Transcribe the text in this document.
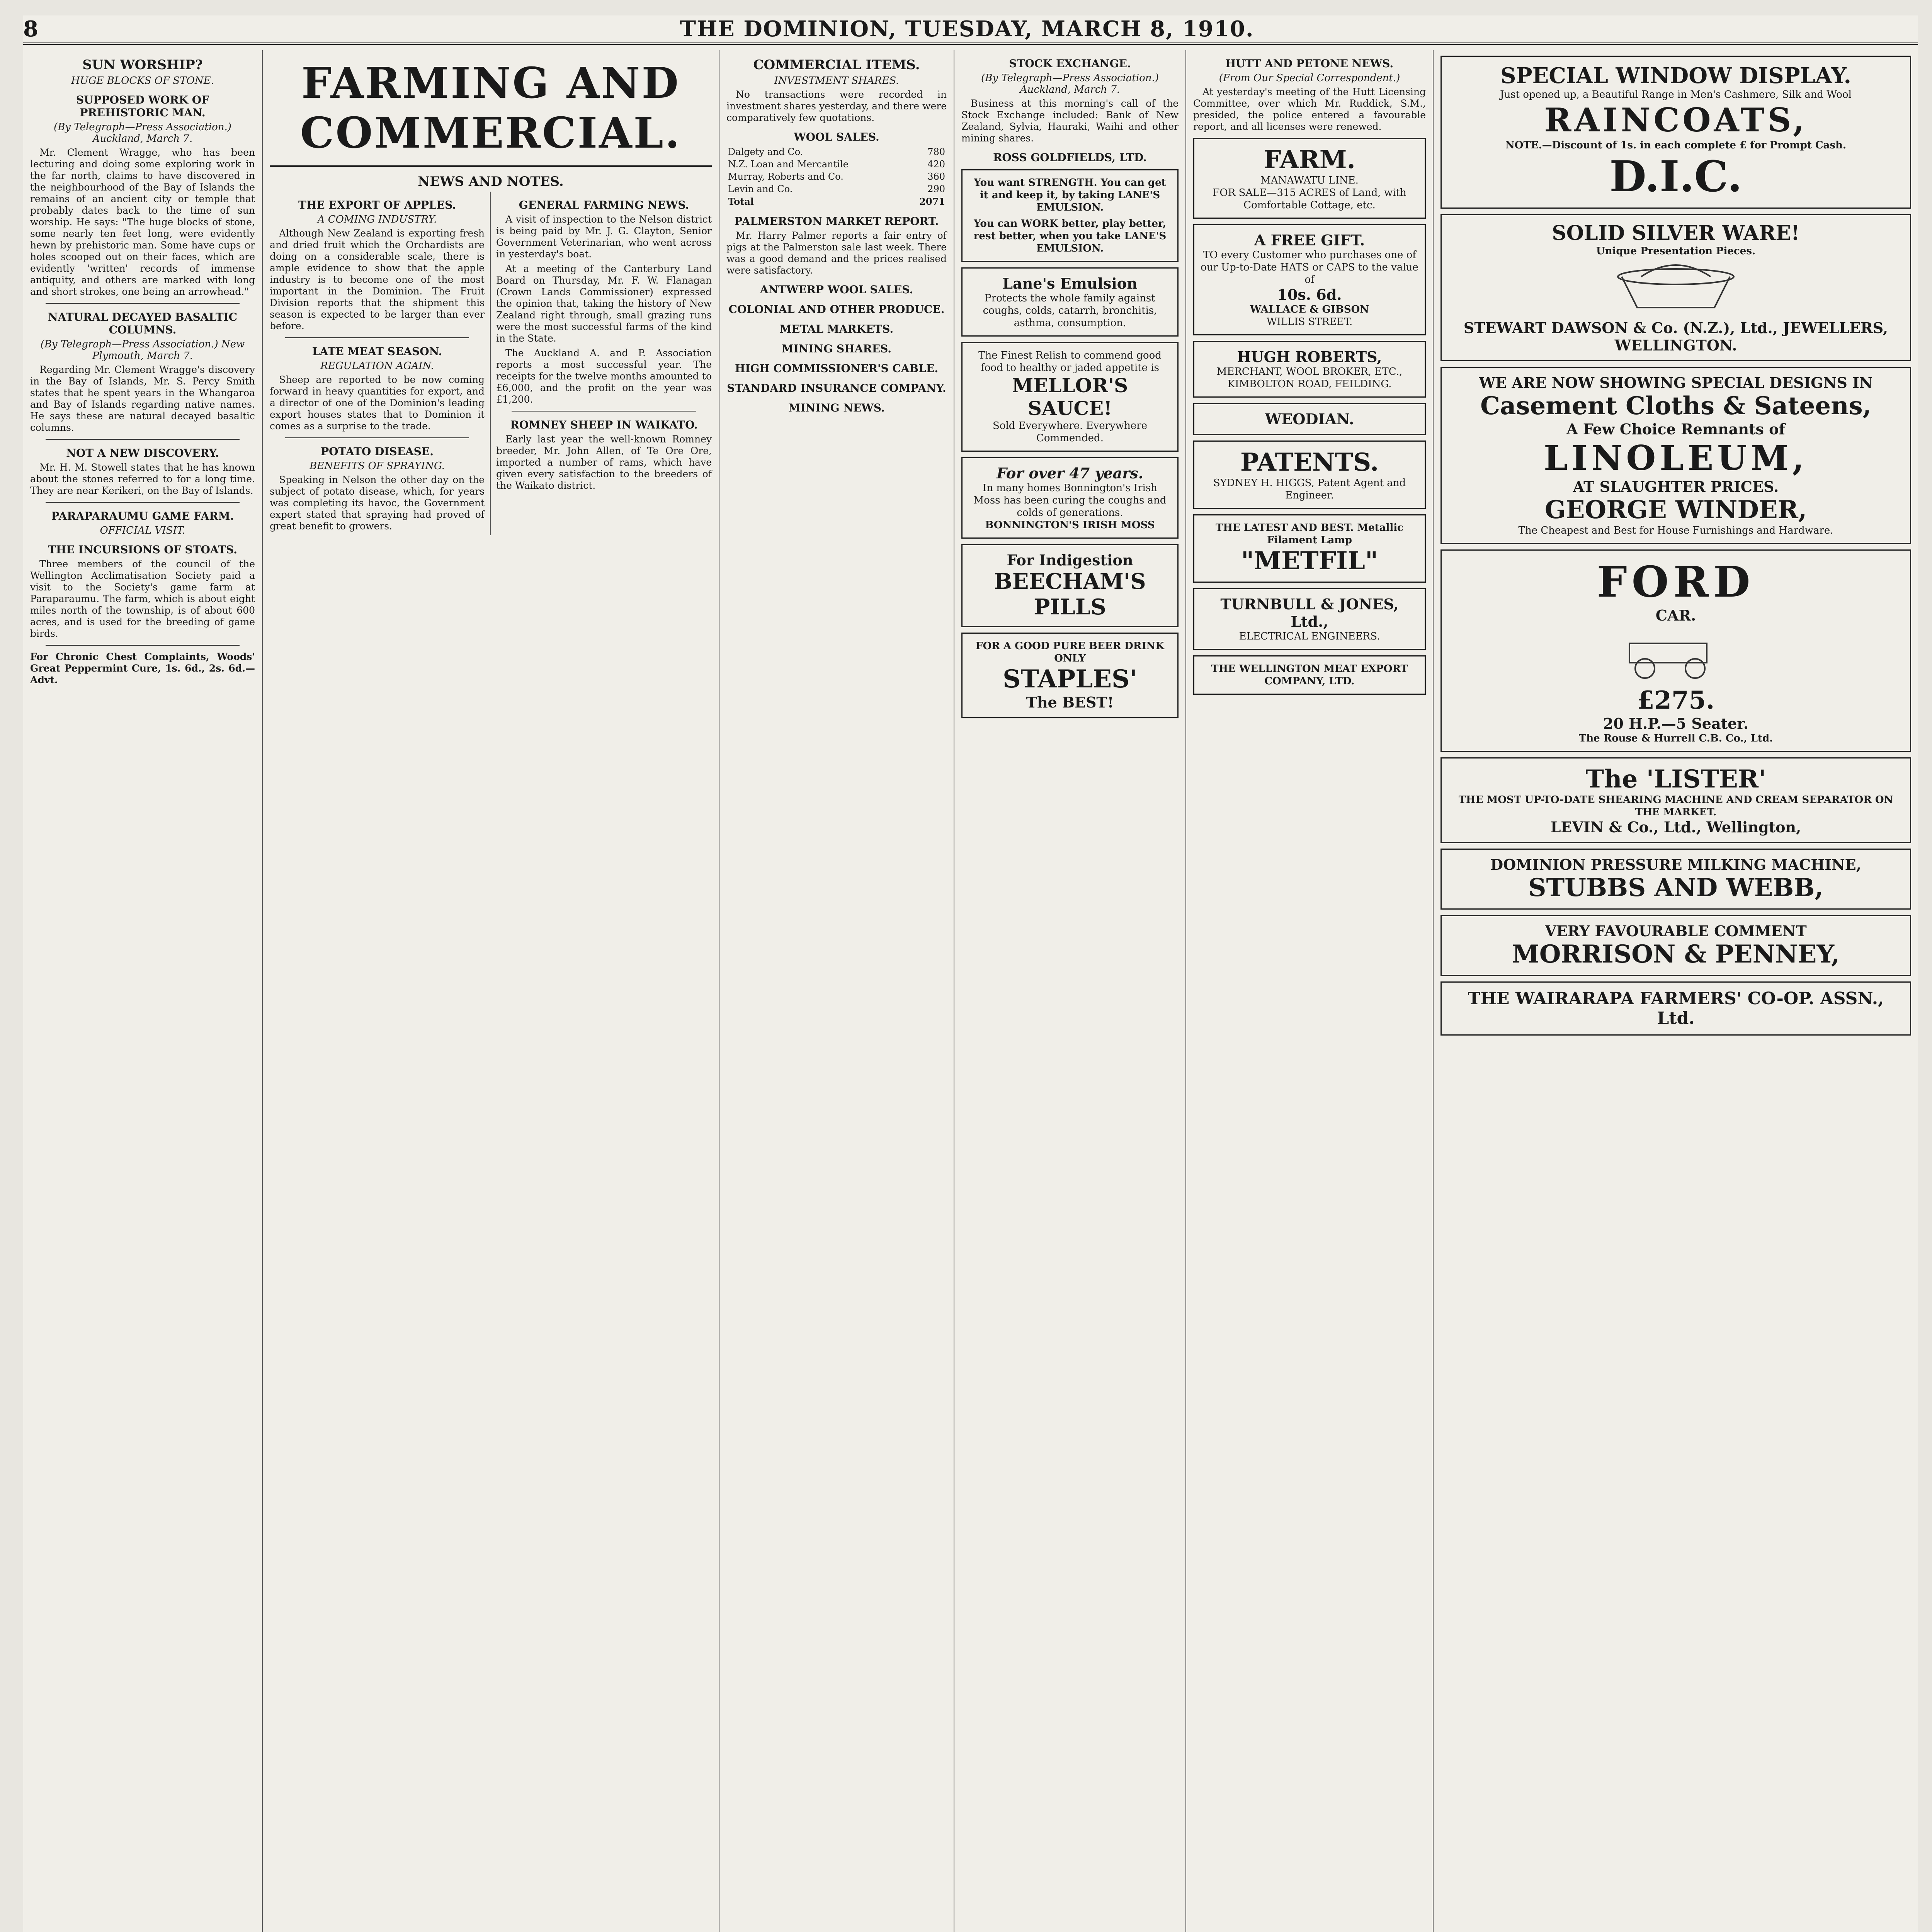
8	THE DOMINION, TUESDAY, MARCH 8, 1910.
SUN WORSHIP?
HUGE BLOCKS OF STONE.
SUPPOSED WORK OF PREHISTORIC MAN.
(By Telegraph—Press Association.) Auckland, March 7.

Mr. Clement Wragge, who has been lecturing and doing some exploring work in the far north, claims to have discovered in the neighbourhood of the Bay of Islands the remains of an ancient city or temple that probably dates back to the time of sun worship. He says: "The huge blocks of stone, some nearly ten feet long, were evidently hewn by prehistoric man. Some have cups or holes scooped out on their faces, which are evidently 'written' records of immense antiquity, and others are marked with long and short strokes, one being an arrowhead."

NATURAL DECAYED BASALTIC COLUMNS.
(By Telegraph—Press Association.) New Plymouth, March 7.

Regarding Mr. Clement Wragge's discovery in the Bay of Islands, Mr. S. Percy Smith states that he spent years in the Whangaroa and Bay of Islands regarding native names. He says these are natural decayed basaltic columns.

NOT A NEW DISCOVERY.

Mr. H. M. Stowell states that he has known about the stones referred to for a long time. They are near Kerikeri, on the Bay of Islands.

PARAPARAUMU GAME FARM.
OFFICIAL VISIT.
THE INCURSIONS OF STOATS.

Three members of the council of the Wellington Acclimatisation Society paid a visit to the Society's game farm at Paraparaumu. The farm, which is about eight miles north of the township, is of about 600 acres, and is used for the breeding of game birds.

For Chronic Chest Complaints, Woods' Great Peppermint Cure, 1s. 6d., 2s. 6d.—Advt.
FARMING AND COMMERCIAL.
NEWS AND NOTES.
THE EXPORT OF APPLES.
A COMING INDUSTRY.

Although New Zealand is exporting fresh and dried fruit which the Orchardists are doing on a considerable scale, there is ample evidence to show that the apple industry is to become one of the most important in the Dominion. The Fruit Division reports that the shipment this season is expected to be larger than ever before.

LATE MEAT SEASON.
REGULATION AGAIN.

Sheep are reported to be now coming forward in heavy quantities for export, and a director of one of the Dominion's leading export houses states that to Dominion it comes as a surprise to the trade.

POTATO DISEASE.
BENEFITS OF SPRAYING.

Speaking in Nelson the other day on the subject of potato disease, which, for years was completing its havoc, the Government expert stated that spraying had proved of great benefit to growers.

GENERAL FARMING NEWS.

A visit of inspection to the Nelson district is being paid by Mr. J. G. Clayton, Senior Government Veterinarian, who went across in yesterday's boat.

At a meeting of the Canterbury Land Board on Thursday, Mr. F. W. Flanagan (Crown Lands Commissioner) expressed the opinion that, taking the history of New Zealand right through, small grazing runs were the most successful farms of the kind in the State.

The Auckland A. and P. Association reports a most successful year. The receipts for the twelve months amounted to £6,000, and the profit on the year was £1,200.

ROMNEY SHEEP IN WAIKATO.

Early last year the well-known Romney breeder, Mr. John Allen, of Te Ore Ore, imported a number of rams, which have given every satisfaction to the breeders of the Waikato district.

COMMERCIAL ITEMS.
INVESTMENT SHARES.

No transactions were recorded in investment shares yesterday, and there were comparatively few quotations.

WOOL SALES.
Dalgety and Co.	780
N.Z. Loan and Mercantile	420
Murray, Roberts and Co.	360
Levin and Co.	290
Total	2071
PALMERSTON MARKET REPORT.

Mr. Harry Palmer reports a fair entry of pigs at the Palmerston sale last week. There was a good demand and the prices realised were satisfactory.

ANTWERP WOOL SALES.
COLONIAL AND OTHER PRODUCE.
METAL MARKETS.
MINING SHARES.
HIGH COMMISSIONER'S CABLE.
STANDARD INSURANCE COMPANY.
MINING NEWS.
STOCK EXCHANGE.
(By Telegraph—Press Association.) Auckland, March 7.

Business at this morning's call of the Stock Exchange included: Bank of New Zealand, Sylvia, Hauraki, Waihi and other mining shares.

ROSS GOLDFIELDS, LTD.
You want STRENGTH. You can get it and keep it, by taking LANE'S EMULSION.
You can WORK better, play better, rest better, when you take LANE'S EMULSION.
Lane's Emulsion
Protects the whole family against coughs, colds, catarrh, bronchitis, asthma, consumption.
The Finest Relish to commend good food to healthy or jaded appetite is
MELLOR'S SAUCE!
Sold Everywhere. Everywhere Commended.
For over 47 years.
In many homes Bonnington's Irish Moss has been curing the coughs and colds of generations.
BONNINGTON'S IRISH MOSS
For Indigestion
BEECHAM'S PILLS
FOR A GOOD PURE BEER DRINK ONLY
STAPLES'
The BEST!
HUTT AND PETONE NEWS.
(From Our Special Correspondent.)

At yesterday's meeting of the Hutt Licensing Committee, over which Mr. Ruddick, S.M., presided, the police entered a favourable report, and all licenses were renewed.

FARM.
MANAWATU LINE.
FOR SALE—315 ACRES of Land, with Comfortable Cottage, etc.
A FREE GIFT.
TO every Customer who purchases one of our Up-to-Date HATS or CAPS to the value of
10s. 6d.
WALLACE & GIBSON
WILLIS STREET.
HUGH ROBERTS,
MERCHANT, WOOL BROKER, ETC., KIMBOLTON ROAD, FEILDING.
WEODIAN.
PATENTS.
SYDNEY H. HIGGS, Patent Agent and Engineer.
THE LATEST AND BEST. Metallic Filament Lamp
"METFIL"
TURNBULL & JONES, Ltd.,
ELECTRICAL ENGINEERS.
THE WELLINGTON MEAT EXPORT COMPANY, LTD.
SPECIAL WINDOW DISPLAY.
Just opened up, a Beautiful Range in Men's Cashmere, Silk and Wool
RAINCOATS,
NOTE.—Discount of 1s. in each complete £ for Prompt Cash.
D.I.C.
SOLID SILVER WARE!
Unique Presentation Pieces.
STEWART DAWSON & Co. (N.Z.), Ltd., JEWELLERS, WELLINGTON.
WE ARE NOW SHOWING SPECIAL DESIGNS IN
Casement Cloths & Sateens,
A Few Choice Remnants of
LINOLEUM,
AT SLAUGHTER PRICES.
GEORGE WINDER,
The Cheapest and Best for House Furnishings and Hardware.
FORD
CAR.
£275.
20 H.P.—5 Seater.
The Rouse & Hurrell C.B. Co., Ltd.
The 'LISTER'
THE MOST UP-TO-DATE SHEARING MACHINE AND CREAM SEPARATOR ON THE MARKET.
LEVIN & Co., Ltd., Wellington,
DOMINION PRESSURE MILKING MACHINE,
STUBBS AND WEBB,
VERY FAVOURABLE COMMENT
MORRISON & PENNEY,
THE WAIRARAPA FARMERS' CO-OP. ASSN., Ltd.
